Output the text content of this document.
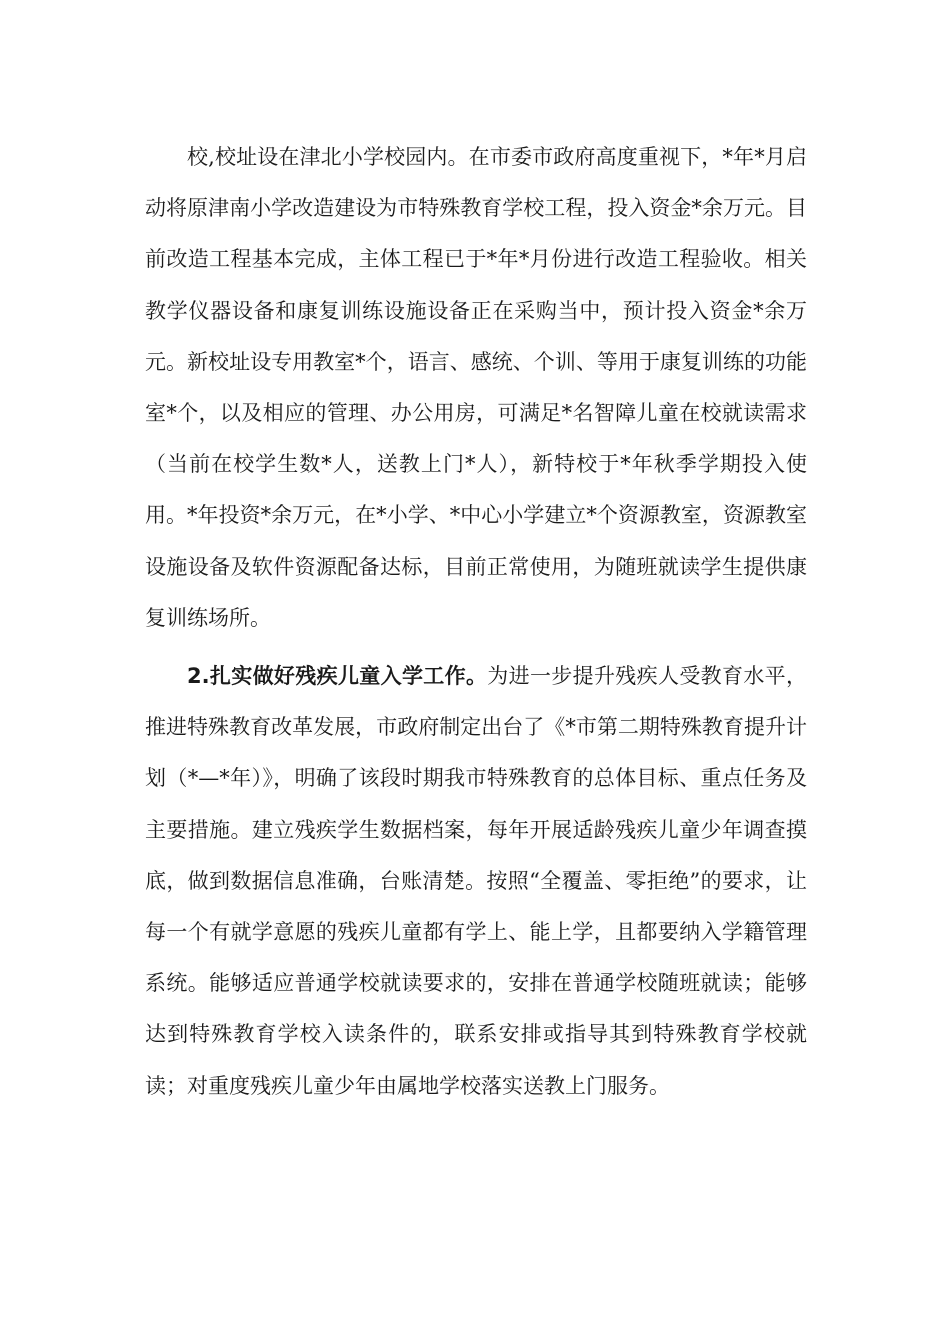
校,校址设在津北小学校园内。在市委市政府高度重视下，*年*月启动将原津南小学改造建设为市特殊教育学校工程，投入资金*余万元。目前改造工程基本完成，主体工程已于*年*月份进行改造工程验收。相关教学仪器设备和康复训练设施设备正在采购当中，预计投入资金*余万元。新校址设专用教室*个，语言、感统、个训、等用于康复训练的功能室*个，以及相应的管理、办公用房，可满足*名智障儿童在校就读需求（当前在校学生数*人，送教上门*人），新特校于*年秋季学期投入使用。*年投资*余万元，在*小学、*中心小学建立*个资源教室，资源教室设施设备及软件资源配备达标，目前正常使用，为随班就读学生提供康复训练场所。

2.扎实做好残疾儿童入学工作。为进一步提升残疾人受教育水平，推进特殊教育改革发展，市政府制定出台了《*市第二期特殊教育提升计划（*—*年）》，明确了该段时期我市特殊教育的总体目标、重点任务及主要措施。建立残疾学生数据档案，每年开展适龄残疾儿童少年调查摸底，做到数据信息准确，台账清楚。按照“全覆盖、零拒绝”的要求，让每一个有就学意愿的残疾儿童都有学上、能上学，且都要纳入学籍管理系统。能够适应普通学校就读要求的，安排在普通学校随班就读；能够达到特殊教育学校入读条件的，联系安排或指导其到特殊教育学校就读；对重度残疾儿童少年由属地学校落实送教上门服务。
